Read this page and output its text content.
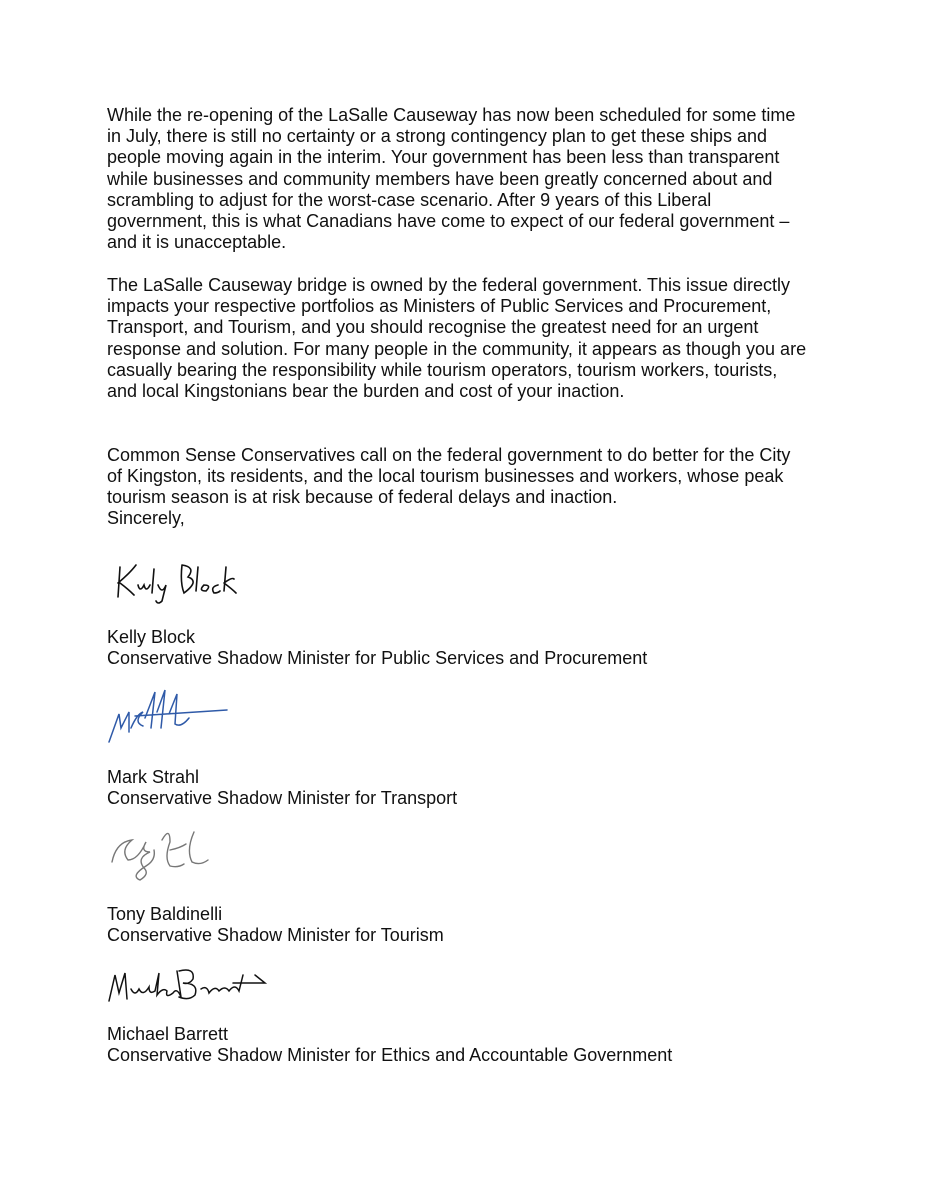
While the re-opening of the LaSalle Causeway has now been scheduled for some time
in July, there is still no certainty or a strong contingency plan to get these ships and
people moving again in the interim. Your government has been less than transparent
while businesses and community members have been greatly concerned about and
scrambling to adjust for the worst-case scenario. After 9 years of this Liberal
government, this is what Canadians have come to expect of our federal government –
and it is unacceptable.
The LaSalle Causeway bridge is owned by the federal government. This issue directly
impacts your respective portfolios as Ministers of Public Services and Procurement,
Transport, and Tourism, and you should recognise the greatest need for an urgent
response and solution. For many people in the community, it appears as though you are
casually bearing the responsibility while tourism operators, tourism workers, tourists,
and local Kingstonians bear the burden and cost of your inaction.
Common Sense Conservatives call on the federal government to do better for the City
of Kingston, its residents, and the local tourism businesses and workers, whose peak
tourism season is at risk because of federal delays and inaction.
Sincerely,
Kelly Block
Conservative Shadow Minister for Public Services and Procurement
Mark Strahl
Conservative Shadow Minister for Transport
Tony Baldinelli
Conservative Shadow Minister for Tourism
Michael Barrett
Conservative Shadow Minister for Ethics and Accountable Government
